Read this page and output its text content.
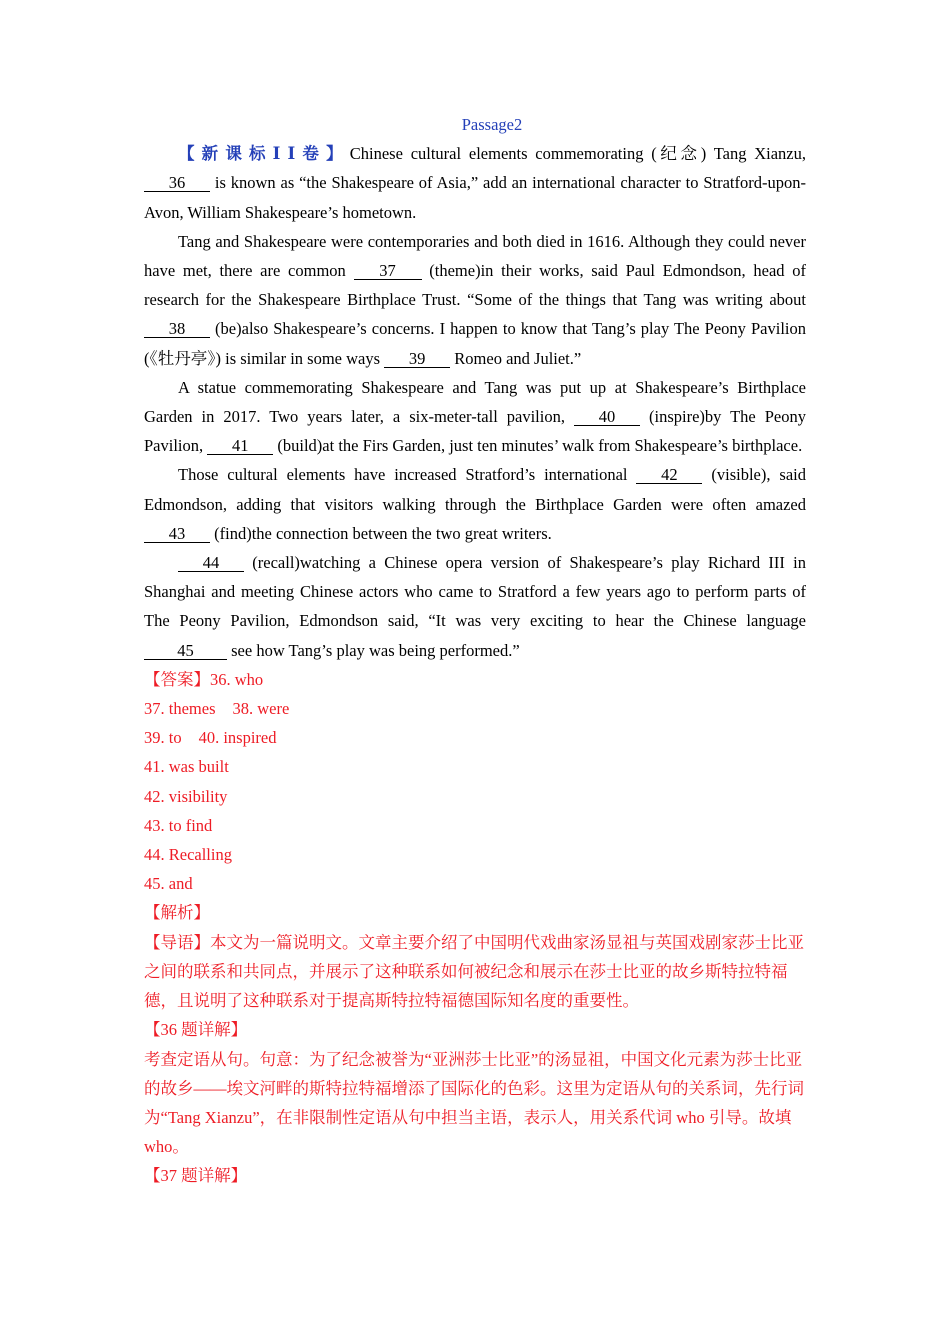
Passage2

【新课标ⅠⅠ卷】Chinese cultural elements commemorating (纪念) Tang Xianzu, 36 is known as “the Shakespeare of Asia,” add an international character to Stratford-upon-Avon, William Shakespeare’s hometown.

Tang and Shakespeare were contemporaries and both died in 1616. Although they could never have met, there are common 37 (theme)in their works, said Paul Edmondson, head of research for the Shakespeare Birthplace Trust. “Some of the things that Tang was writing about 38 (be)also Shakespeare’s concerns. I happen to know that Tang’s play The Peony Pavilion (《牡丹亭》) is similar in some ways 39 Romeo and Juliet.”

A statue commemorating Shakespeare and Tang was put up at Shakespeare’s Birthplace Garden in 2017. Two years later, a six-meter-tall pavilion, 40 (inspire)by The Peony Pavilion, 41 (build)at the Firs Garden, just ten minutes’ walk from Shakespeare’s birthplace.

Those cultural elements have increased Stratford’s international 42 (visible), said Edmondson, adding that visitors walking through the Birthplace Garden were often amazed 43 (find)the connection between the two great writers.

44 (recall)watching a Chinese opera version of Shakespeare’s play Richard III in Shanghai and meeting Chinese actors who came to Stratford a few years ago to perform parts of The Peony Pavilion, Edmondson said, “It was very exciting to hear the Chinese language 45 see how Tang’s play was being performed.”

【答案】36. who
37. themes 38. were
39. to 40. inspired
41. was built
42. visibility
43. to find
44. Recalling
45. and

【解析】

【导语】本文为一篇说明文。文章主要介绍了中国明代戏曲家汤显祖与英国戏剧家莎士比亚之间的联系和共同点，并展示了这种联系如何被纪念和展示在莎士比亚的故乡斯特拉特福德，且说明了这种联系对于提高斯特拉特福德国际知名度的重要性。

【36 题详解】

考查定语从句。句意：为了纪念被誉为“亚洲莎士比亚”的汤显祖，中国文化元素为莎士比亚的故乡——埃文河畔的斯特拉特福增添了国际化的色彩。这里为定语从句的关系词，先行词为“Tang Xianzu”，在非限制性定语从句中担当主语，表示人，用关系代词 who 引导。故填 who。

【37 题详解】
